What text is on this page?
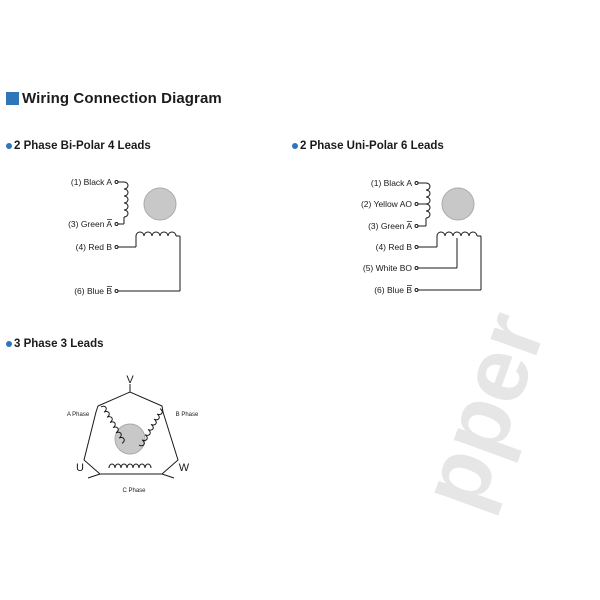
Wiring Connection Diagram
2 Phase Bi-Polar 4 Leads	2 Phase Uni-Polar 6 Leads
3 Phase 3 Leads	pper
(1) Black A
(3) Green A
(4) Red B
(6) Blue B
(1) Black A
(2) Yellow AO
(3) Green A
(4) Red B
(5) White BO
(6) Blue B
V
U	W
A Phase	B Phase
C Phase
